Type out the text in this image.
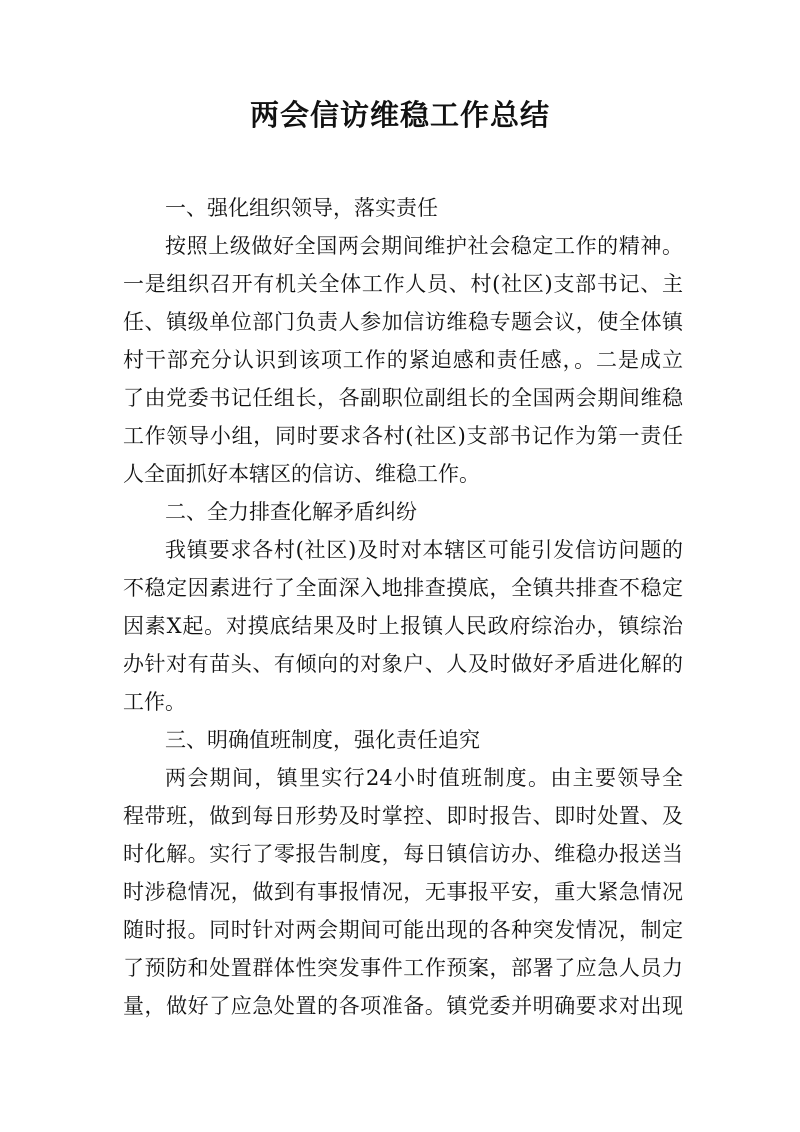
两会信访维稳工作总结
一、强化组织领导，落实责任
按照上级做好全国两会期间维护社会稳定工作的精神。
一是组织召开有机关全体工作人员、村(社区)支部书记、主
任、镇级单位部门负责人参加信访维稳专题会议，使全体镇
村干部充分认识到该项工作的紧迫感和责任感，。二是成立
了由党委书记任组长，各副职位副组长的全国两会期间维稳
工作领导小组，同时要求各村(社区)支部书记作为第一责任
人全面抓好本辖区的信访、维稳工作。
二、全力排查化解矛盾纠纷
我镇要求各村(社区)及时对本辖区可能引发信访问题的
不稳定因素进行了全面深入地排查摸底，全镇共排查不稳定
因素X起。对摸底结果及时上报镇人民政府综治办，镇综治
办针对有苗头、有倾向的对象户、人及时做好矛盾进化解的
工作。
三、明确值班制度，强化责任追究
两会期间，镇里实行24小时值班制度。由主要领导全
程带班，做到每日形势及时掌控、即时报告、即时处置、及
时化解。实行了零报告制度，每日镇信访办、维稳办报送当
时涉稳情况，做到有事报情况，无事报平安，重大紧急情况
随时报。同时针对两会期间可能出现的各种突发情况，制定
了预防和处置群体性突发事件工作预案，部署了应急人员力
量，做好了应急处置的各项准备。镇党委并明确要求对出现
